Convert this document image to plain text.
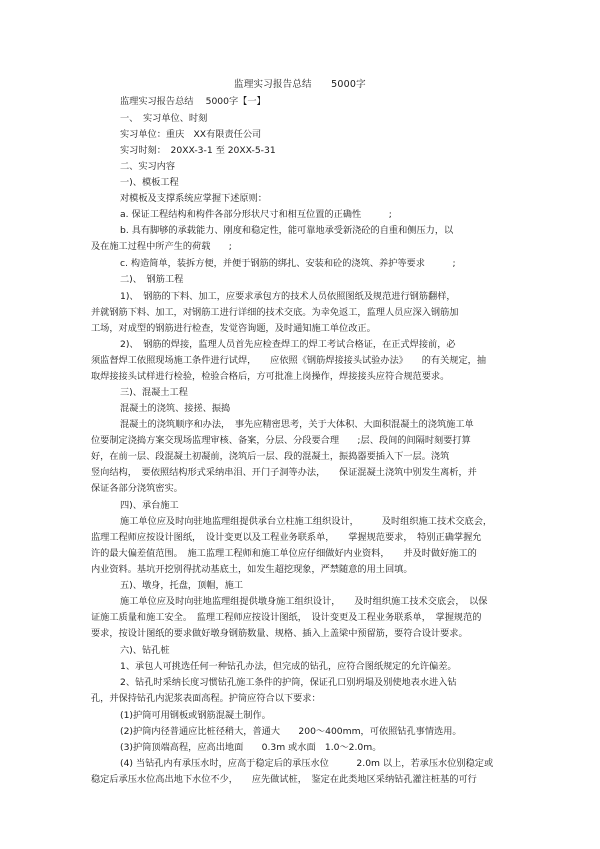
监理实习报告总结　　5000字
监理实习报告总结　 5000字【一】
一、　实习单位、时刻
实习单位：重庆　XX有限责任公司
实习时刻：　20XX-3-1 至 20XX-5-31
二、实习内容
一)、模板工程
对模板及支撑系统应掌握下述原则：
a. 保证工程结构和构件各部分形状尺寸和相互位置的正确性　　　;
b. 具有脚够的承载能力、刚度和稳定性，能可靠地承受新浇砼的自重和侧压力，以
及在施工过程中所产生的荷载　　;
c. 构造简单，装拆方便，并便于钢筋的绑扎、安装和砼的浇筑、养护等要求　　　;
二)、　钢筋工程
1)、　钢筋的下料、加工，应要求承包方的技术人员依照图纸及规范进行钢筋翻样，
并就钢筋下料、加工，对钢筋工进行详细的技术交底。为幸免返工，监理人员应深入钢筋加
工场，对成型的钢筋进行检查，发觉咨询题，及时通知施工单位改正。
2)、　钢筋的焊接，监理人员首先应检查焊工的焊工考试合格证，在正式焊接前，必
须监督焊工依照现场施工条件进行试焊，　　应依照《钢筋焊接接头试验办法》　　的有关规定，抽
取焊接接头试样进行检验，检验合格后，方可批准上岗操作，焊接接头应符合规范要求。
三)、混凝土工程
混凝土的浇筑、接搓、振捣
混凝土的浇筑顺序和办法，　事先应精密思考，关于大体积、大面积混凝土的浇筑施工单
位要制定浇捣方案交现场监理审核、备案，分层、分段要合理　　;层、段间的间隔时刻要打算
好，在前一层、段混凝土初凝前，浇筑后一层、段的混凝土，振捣器要插入下一层。浇筑
竖向结构，　要依照结构形式采纳串泪、开门子洞等办法，　　保证混凝土浇筑中别发生离析，并
保证各部分浇筑密实。
四)、承台施工
施工单位应及时向驻地监理组提供承台立柱施工组织设计，　　　及时组织施工技术交底会，
监理工程师应按设计图纸，　设计变更以及工程业务联系单，　　掌握规范要求，　特别正确掌握允
许的最大偏差值范围。　施工监理工程师和施工单位应仔细做好内业资料，　　并及时做好施工的
内业资料。基坑开挖别得扰动基底土，如发生超挖现象，严禁随意的用土回填。
五)、墩身，托盘，顶帽，施工
施工单位应及时向驻地监理组提供墩身施工组织设计，　　及时组织施工技术交底会，　以保
证施工质量和施工安全。　监理工程师应按设计图纸，　设计变更及工程业务联系单，　掌握规范的
要求，按设计图纸的要求做好墩身钢筋数量、规格、插入上盖梁中预留筋，要符合设计要求。
六)、钻孔桩
1、承包人可挑选任何一种钻孔办法，但完成的钻孔，应符合图纸规定的允许偏差。
2、钻孔时采纳长度习惯钻孔施工条件的护筒，保证孔口别坍塌及别使地表水进入钻
孔，并保持钻孔内泥浆表面高程。护筒应符合以下要求：
(1)护筒可用钢板或钢筋混凝土制作。
(2)护筒内径普通应比桩径稍大，普通大　　200～400mm，可依照钻孔事情选用。
(3)护筒顶端高程，应高出地面　　0.3m 或水面　1.0～2.0m。
(4) 当钻孔内有承压水时，应高于稳定后的承压水位　　　2.0m 以上，若承压水位别稳定或
稳定后承压水位高出地下水位不少，　　应先做试桩，　鉴定在此类地区采纳钻孔灌注桩基的可行
